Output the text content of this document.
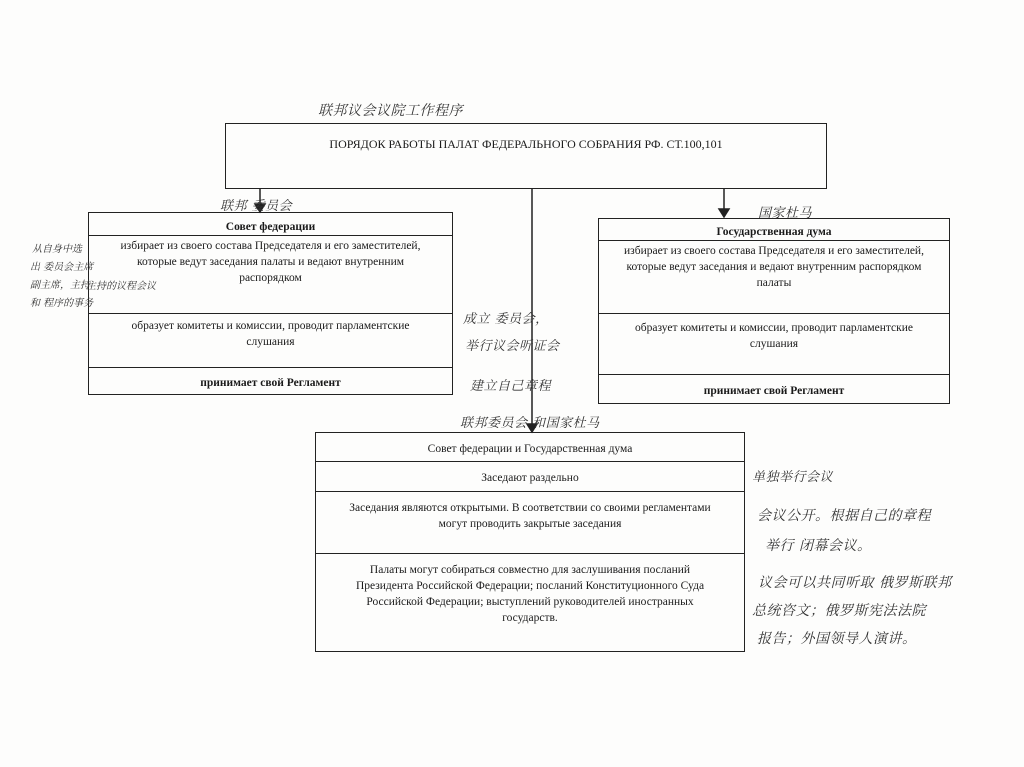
ПОРЯДОК РАБОТЫ ПАЛАТ ФЕДЕРАЛЬНОГО СОБРАНИЯ РФ. СТ.100,101
联邦议会议院工作程序
Совет федерации
избирает из своего состава Председателя и его заместителей, которые ведут заседания палаты и ведают внутренним распорядком
образует комитеты и комиссии, проводит парламентские слушания
принимает свой Регламент
联邦 委员会
从自身中选
出 委员会主席
副主席，主持
和 程序的事务
主持的议程会议
Государственная дума
избирает из своего состава Председателя и его заместителей, которые ведут заседания и ведают внутренним распорядком палаты
образует комитеты и комиссии, проводит парламентские слушания
принимает свой Регламент
国家杜马
成立 委员会，
举行议会听证会
建立自己章程
联邦委员会 和国家杜马
Совет федерации и Государственная дума
Заседают раздельно
Заседания являются открытыми. В соответствии со своими регламентами могут проводить закрытые заседания
Палаты могут собираться совместно для заслушивания посланий Президента Российской Федерации; посланий Конституционного Суда Российской Федерации; выступлений руководителей иностранных государств.
单独举行会议
会议公开。根据自己的章程
举行 闭幕会议。
议会可以共同听取 俄罗斯联邦
总统咨文；俄罗斯宪法法院
报告；外国领导人演讲。
